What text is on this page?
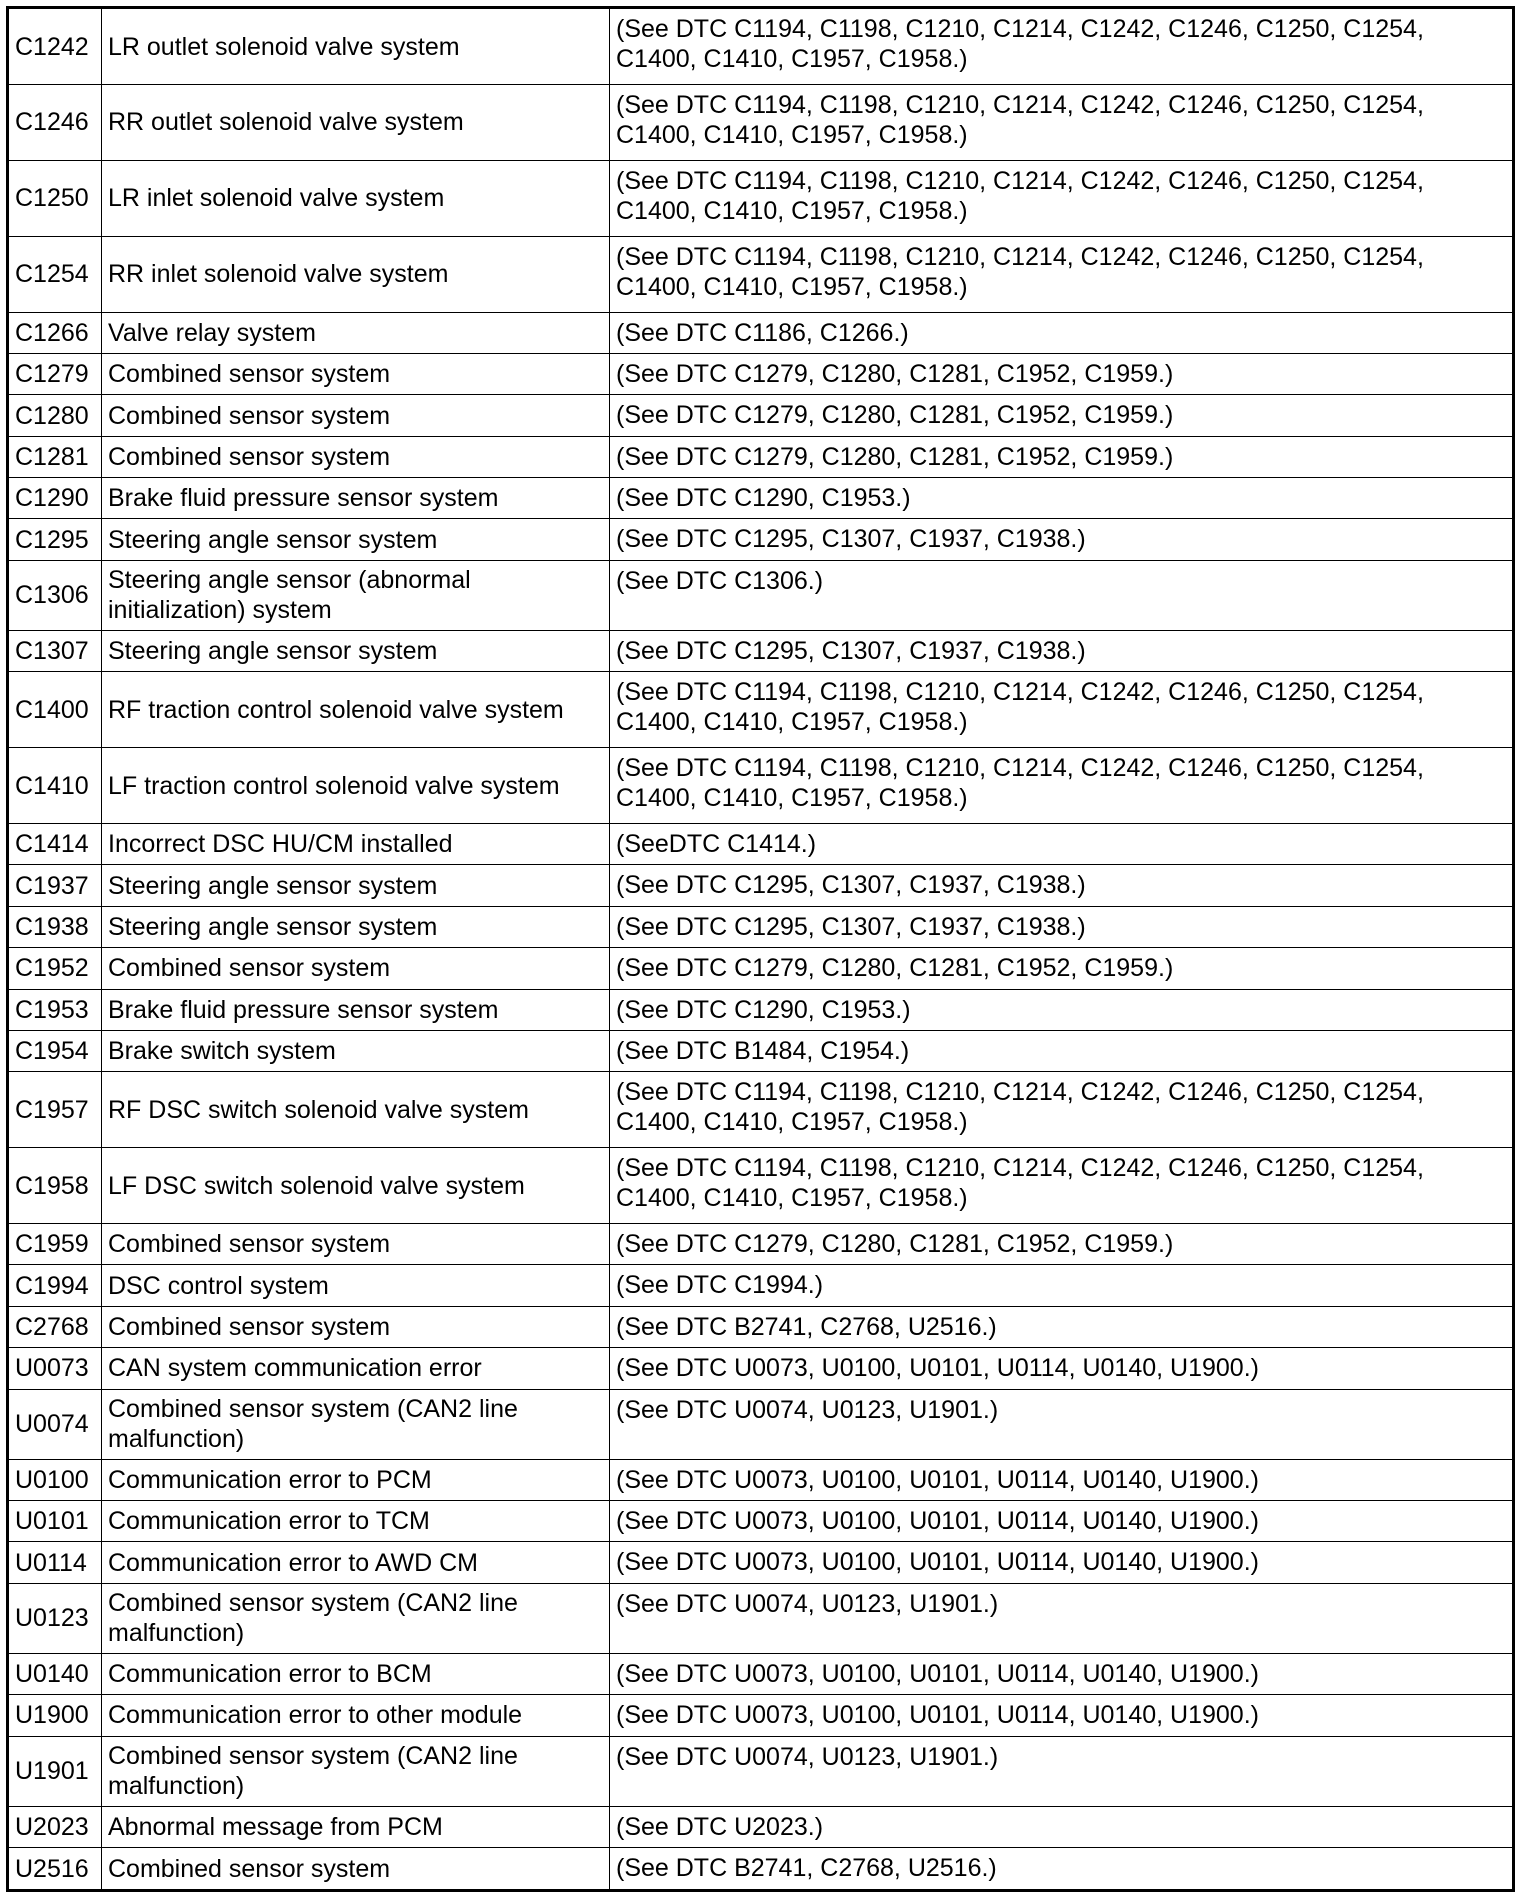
C1242	LR outlet solenoid valve system	(See DTC C1194, C1198, C1210, C1214, C1242, C1246, C1250, C1254, C1400, C1410, C1957, C1958.)
C1246	RR outlet solenoid valve system	(See DTC C1194, C1198, C1210, C1214, C1242, C1246, C1250, C1254, C1400, C1410, C1957, C1958.)
C1250	LR inlet solenoid valve system	(See DTC C1194, C1198, C1210, C1214, C1242, C1246, C1250, C1254, C1400, C1410, C1957, C1958.)
C1254	RR inlet solenoid valve system	(See DTC C1194, C1198, C1210, C1214, C1242, C1246, C1250, C1254, C1400, C1410, C1957, C1958.)
C1266	Valve relay system	(See DTC C1186, C1266.)
C1279	Combined sensor system	(See DTC C1279, C1280, C1281, C1952, C1959.)
C1280	Combined sensor system	(See DTC C1279, C1280, C1281, C1952, C1959.)
C1281	Combined sensor system	(See DTC C1279, C1280, C1281, C1952, C1959.)
C1290	Brake fluid pressure sensor system	(See DTC C1290, C1953.)
C1295	Steering angle sensor system	(See DTC C1295, C1307, C1937, C1938.)
C1306	Steering angle sensor (abnormal initialization) system	(See DTC C1306.)
C1307	Steering angle sensor system	(See DTC C1295, C1307, C1937, C1938.)
C1400	RF traction control solenoid valve system	(See DTC C1194, C1198, C1210, C1214, C1242, C1246, C1250, C1254, C1400, C1410, C1957, C1958.)
C1410	LF traction control solenoid valve system	(See DTC C1194, C1198, C1210, C1214, C1242, C1246, C1250, C1254, C1400, C1410, C1957, C1958.)
C1414	Incorrect DSC HU/CM installed	(SeeDTC C1414.)
C1937	Steering angle sensor system	(See DTC C1295, C1307, C1937, C1938.)
C1938	Steering angle sensor system	(See DTC C1295, C1307, C1937, C1938.)
C1952	Combined sensor system	(See DTC C1279, C1280, C1281, C1952, C1959.)
C1953	Brake fluid pressure sensor system	(See DTC C1290, C1953.)
C1954	Brake switch system	(See DTC B1484, C1954.)
C1957	RF DSC switch solenoid valve system	(See DTC C1194, C1198, C1210, C1214, C1242, C1246, C1250, C1254, C1400, C1410, C1957, C1958.)
C1958	LF DSC switch solenoid valve system	(See DTC C1194, C1198, C1210, C1214, C1242, C1246, C1250, C1254, C1400, C1410, C1957, C1958.)
C1959	Combined sensor system	(See DTC C1279, C1280, C1281, C1952, C1959.)
C1994	DSC control system	(See DTC C1994.)
C2768	Combined sensor system	(See DTC B2741, C2768, U2516.)
U0073	CAN system communication error	(See DTC U0073, U0100, U0101, U0114, U0140, U1900.)
U0074	Combined sensor system (CAN2 line malfunction)	(See DTC U0074, U0123, U1901.)
U0100	Communication error to PCM	(See DTC U0073, U0100, U0101, U0114, U0140, U1900.)
U0101	Communication error to TCM	(See DTC U0073, U0100, U0101, U0114, U0140, U1900.)
U0114	Communication error to AWD CM	(See DTC U0073, U0100, U0101, U0114, U0140, U1900.)
U0123	Combined sensor system (CAN2 line malfunction)	(See DTC U0074, U0123, U1901.)
U0140	Communication error to BCM	(See DTC U0073, U0100, U0101, U0114, U0140, U1900.)
U1900	Communication error to other module	(See DTC U0073, U0100, U0101, U0114, U0140, U1900.)
U1901	Combined sensor system (CAN2 line malfunction)	(See DTC U0074, U0123, U1901.)
U2023	Abnormal message from PCM	(See DTC U2023.)
U2516	Combined sensor system	(See DTC B2741, C2768, U2516.)
